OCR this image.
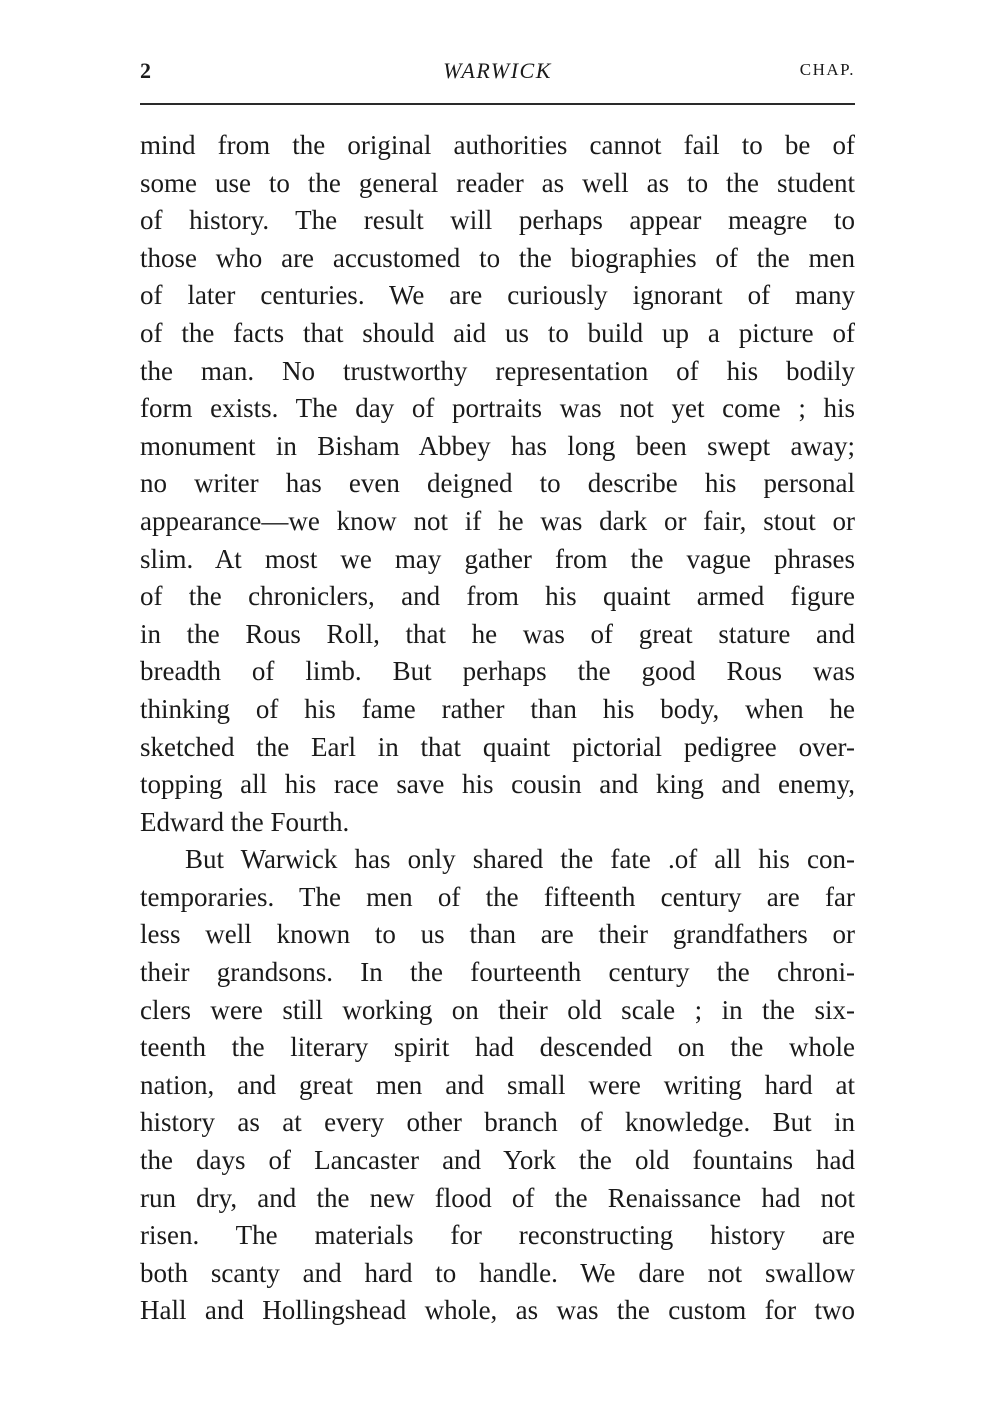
2	WARWICK	CHAP.
mind from the original authorities cannot fail to be of
some use to the general reader as well as to the student
of history. The result will perhaps appear meagre to
those who are accustomed to the biographies of the men
of later centuries. We are curiously ignorant of many
of the facts that should aid us to build up a picture of
the man. No trustworthy representation of his bodily
form exists. The day of portraits was not yet come ; his
monument in Bisham Abbey has long been swept away;
no writer has even deigned to describe his personal
appearance—we know not if he was dark or fair, stout or
slim. At most we may gather from the vague phrases
of the chroniclers, and from his quaint armed figure
in the Rous Roll, that he was of great stature and
breadth of limb. But perhaps the good Rous was
thinking of his fame rather than his body, when he
sketched the Earl in that quaint pictorial pedigree over-
topping all his race save his cousin and king and enemy,
Edward the Fourth.
But Warwick has only shared the fate .of all his con-
temporaries. The men of the fifteenth century are far
less well known to us than are their grandfathers or
their grandsons. In the fourteenth century the chroni-
clers were still working on their old scale ; in the six-
teenth the literary spirit had descended on the whole
nation, and great men and small were writing hard at
history as at every other branch of knowledge. But in
the days of Lancaster and York the old fountains had
run dry, and the new flood of the Renaissance had not
risen. The materials for reconstructing history are
both scanty and hard to handle. We dare not swallow
Hall and Hollingshead whole, as was the custom for two
